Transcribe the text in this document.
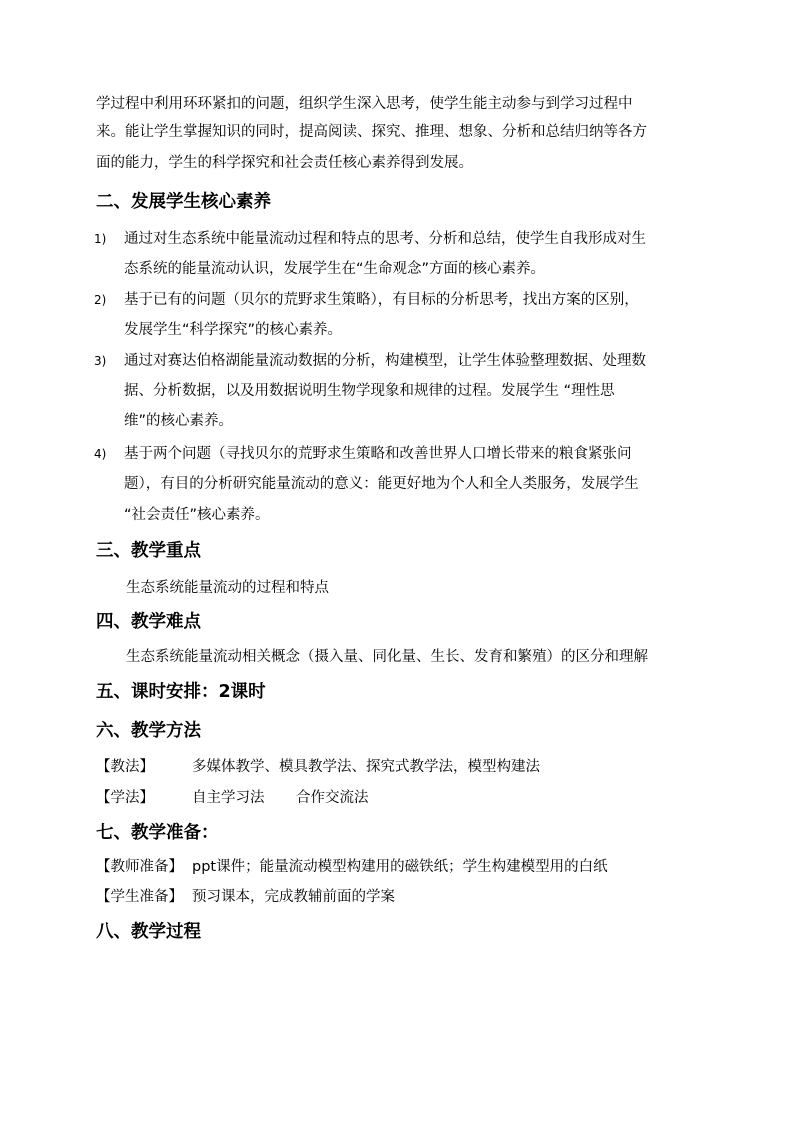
学过程中利用环环紧扣的问题，组织学生深入思考，使学生能主动参与到学习过程中
来。能让学生掌握知识的同时，提高阅读、探究、推理、想象、分析和总结归纳等各方
面的能力，学生的科学探究和社会责任核心素养得到发展。
二、发展学生核心素养
1) 通过对生态系统中能量流动过程和特点的思考、分析和总结，使学生自我形成对生
态系统的能量流动认识，发展学生在“生命观念”方面的核心素养。
2) 基于已有的问题（贝尔的荒野求生策略），有目标的分析思考，找出方案的区别，
发展学生“科学探究”的核心素养。
3) 通过对赛达伯格湖能量流动数据的分析，构建模型，让学生体验整理数据、处理数
据、分析数据，以及用数据说明生物学现象和规律的过程。发展学生 “理性思
维”的核心素养。
4) 基于两个问题（寻找贝尔的荒野求生策略和改善世界人口增长带来的粮食紧张问
题），有目的分析研究能量流动的意义：能更好地为个人和全人类服务，发展学生
“社会责任”核心素养。
三、教学重点
生态系统能量流动的过程和特点
四、教学难点
生态系统能量流动相关概念（摄入量、同化量、生长、发育和繁殖）的区分和理解
五、课时安排：2课时
六、教学方法
【教法】	多媒体教学、模具教学法、探究式教学法，模型构建法
【学法】	自主学习法 合作交流法
七、教学准备：
【教师准备】 ppt课件；能量流动模型构建用的磁铁纸；学生构建模型用的白纸
【学生准备】 预习课本，完成教辅前面的学案
八、教学过程
